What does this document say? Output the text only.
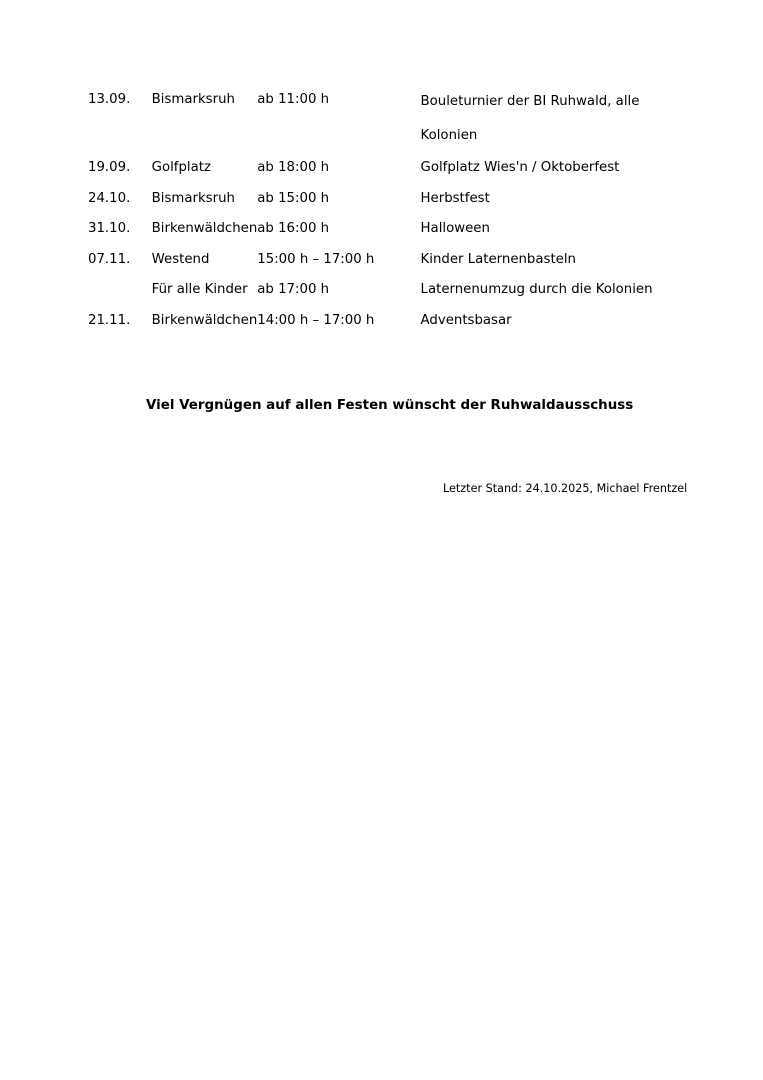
13.09.	Bismarksruh	ab 11:00 h	Bouleturnier der BI Ruhwald, alle Kolonien

19.09.	Golfplatz	ab 18:00 h	Golfplatz Wies'n / Oktoberfest
24.10.	Bismarksruh	ab 15:00 h	Herbstfest
31.10.	Birkenwäldchen	ab 16:00 h	Halloween
07.11.	Westend	15:00 h – 17:00 h	Kinder Laternenbasteln
	Für alle Kinder	ab 17:00 h	Laternenumzug durch die Kolonien
21.11.	Birkenwäldchen	14:00 h – 17:00 h	Adventsbasar
Viel Vergnügen auf allen Festen wünscht der Ruhwaldausschuss
Letzter Stand: 24.10.2025, Michael Frentzel
